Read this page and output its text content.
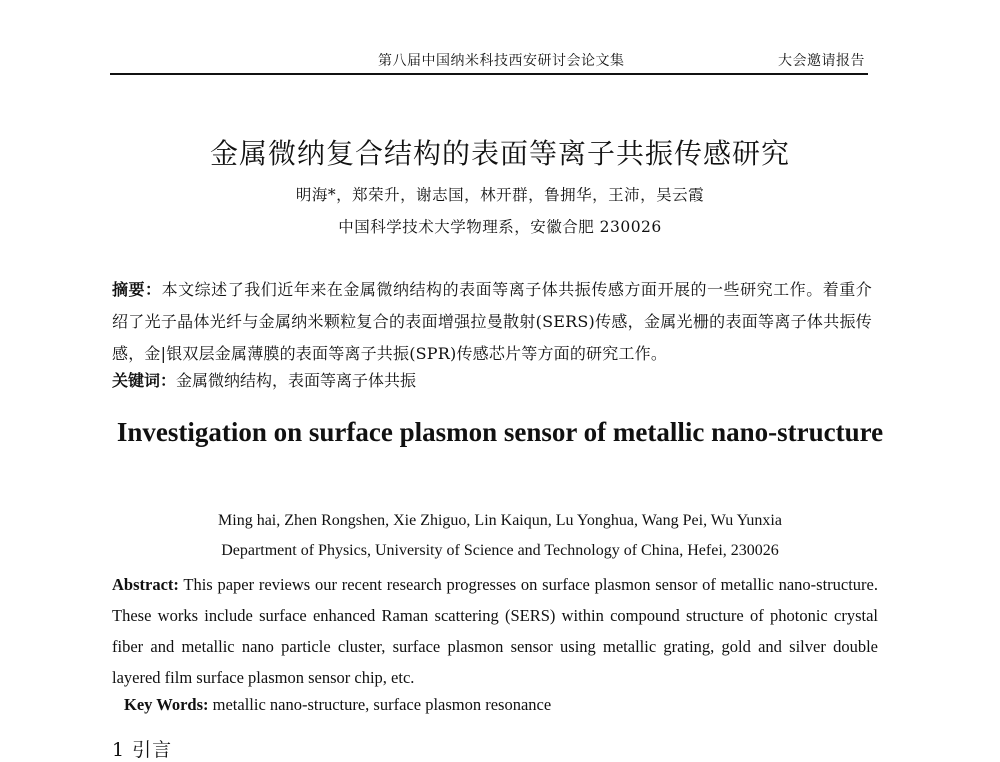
第八届中国纳米科技西安研讨会论文集	大会邀请报告
金属微纳复合结构的表面等离子共振传感研究
明海*，郑荣升，谢志国，林开群，鲁拥华，王沛，吴云霞
中国科学技术大学物理系，安徽合肥 230026
摘要：本文综述了我们近年来在金属微纳结构的表面等离子体共振传感方面开展的一些研究工作。着重介绍了光子晶体光纤与金属纳米颗粒复合的表面增强拉曼散射(SERS)传感，金属光栅的表面等离子体共振传感，金|银双层金属薄膜的表面等离子共振(SPR)传感芯片等方面的研究工作。
关键词：金属微纳结构，表面等离子体共振
Investigation on surface plasmon sensor of metallic nano-structure
Ming hai, Zhen Rongshen, Xie Zhiguo, Lin Kaiqun, Lu Yonghua, Wang Pei, Wu Yunxia
Department of Physics, University of Science and Technology of China, Hefei, 230026
Abstract: This paper reviews our recent research progresses on surface plasmon sensor of metallic nano-structure. These works include surface enhanced Raman scattering (SERS) within compound structure of photonic crystal fiber and metallic nano particle cluster, surface plasmon sensor using metallic grating, gold and silver double layered film surface plasmon sensor chip, etc.
Key Words: metallic nano-structure, surface plasmon resonance
1 引言
